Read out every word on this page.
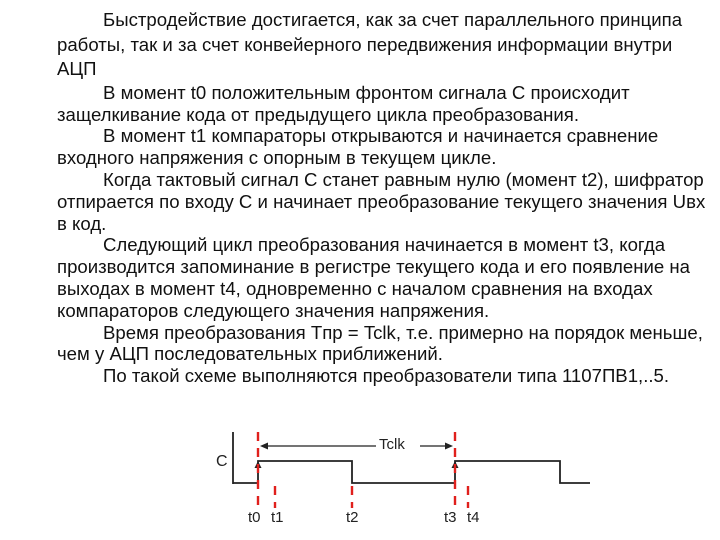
Быстродействие достигается, как за счет параллельного принципа работы, так и за счет конвейерного передвижения информации внутри АЦП

В момент t0 положительным фронтом сигнала С происходит защелкивание кода от предыдущего цикла преобразования.

В момент t1 компараторы открываются и начинается сравнение входного напряжения с опорным в текущем цикле.

Когда тактовый сигнал С станет равным нулю (момент t2), шифратор отпирается по входу С и начинает преобразование текущего значения Uвх в код.

Следующий цикл преобразования начинается в момент t3, когда производится запоминание в регистре текущего кода и его появление на выходах в момент t4, одновременно с началом сравнения на входах компараторов следующего значения напряжения.

Время преобразования Tпр = Tclk, т.е. примерно на порядок меньше, чем у АЦП последовательных приближений.

По такой схеме выполняются преобразователи типа 1107ПВ1,..5.

C
Tclk
t0 t1	t2	t3 t4
